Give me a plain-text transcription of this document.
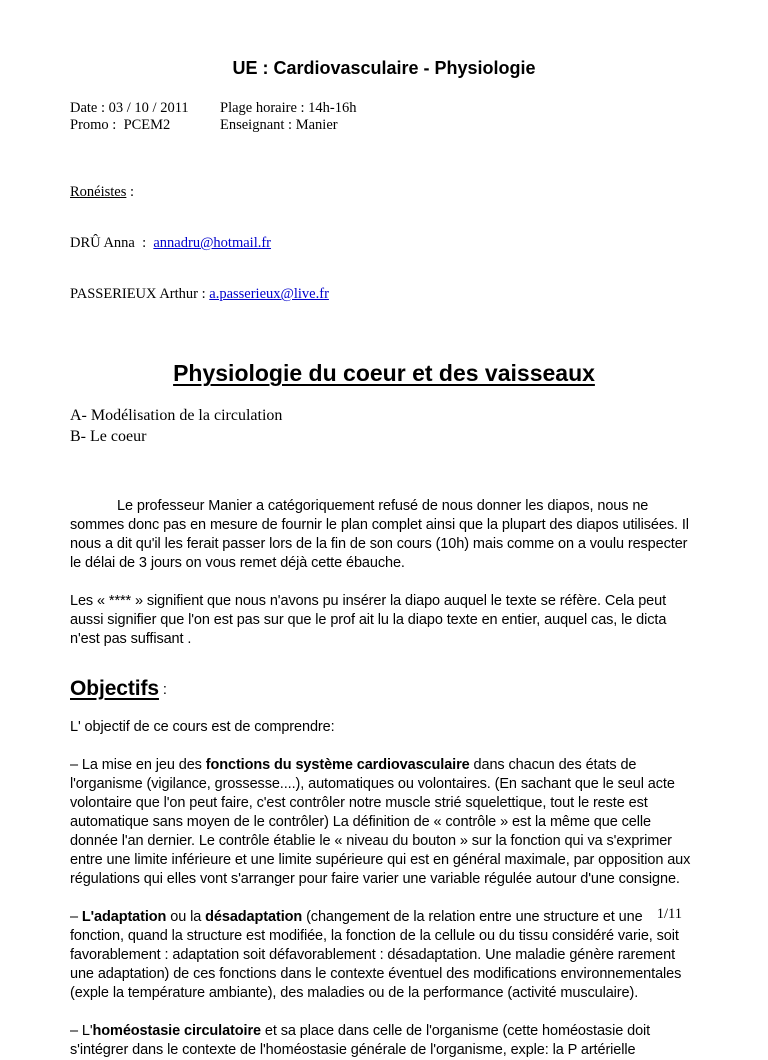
UE : Cardiovasculaire - Physiologie
Date : 03 / 10 / 2011	Plage horaire : 14h-16h
Promo :  PCEM2	Enseignant : Manier

Ronéistes :

DRÛ Anna  :  annadru@hotmail.fr

PASSERIEUX Arthur : a.passerieux@live.fr

Physiologie du coeur et des vaisseaux
A- Modélisation de la circulation
B- Le coeur

Le professeur Manier a catégoriquement refusé de nous donner les diapos, nous ne sommes donc pas en mesure de fournir le plan complet ainsi que la plupart des diapos utilisées. Il nous a dit qu'il les ferait passer lors de la fin de son cours (10h) mais comme on a voulu respecter le délai de 3 jours on vous remet déjà cette ébauche.

Les « **** » signifient que nous n'avons pu insérer la diapo auquel le texte se réfère. Cela peut aussi signifier que l'on est pas sur que le prof ait lu la diapo texte en entier, auquel cas, le dicta n'est pas suffisant .

Objectifs :

L' objectif de ce cours est de comprendre:

– La mise en jeu des fonctions du système cardiovasculaire dans chacun des états de l'organisme (vigilance, grossesse....), automatiques ou volontaires. (En sachant que le seul acte volontaire que l'on peut faire, c'est contrôler notre muscle strié squelettique, tout le reste est automatique sans moyen de le contrôler) La définition de « contrôle » est la même que celle donnée l'an dernier. Le contrôle établie le « niveau du bouton » sur la fonction qui va s'exprimer entre une limite inférieure et une limite supérieure qui est en général maximale, par opposition aux régulations qui elles vont s'arranger pour faire varier une variable régulée autour d'une consigne.

– L'adaptation ou la désadaptation (changement de la relation entre une structure et une fonction, quand la structure est modifiée, la fonction de la cellule ou du tissu considéré varie, soit favorablement : adaptation soit défavorablement : désadaptation. Une maladie génère rarement une adaptation) de ces fonctions dans le contexte éventuel des modifications environnementales (exple la température ambiante), des maladies ou de la performance (activité musculaire).

– L'homéostasie circulatoire et sa place dans celle de l'organisme (cette homéostasie doit s'intégrer dans le contexte de l'homéostasie générale de l'organisme, exple: la P artérielle

1/11
